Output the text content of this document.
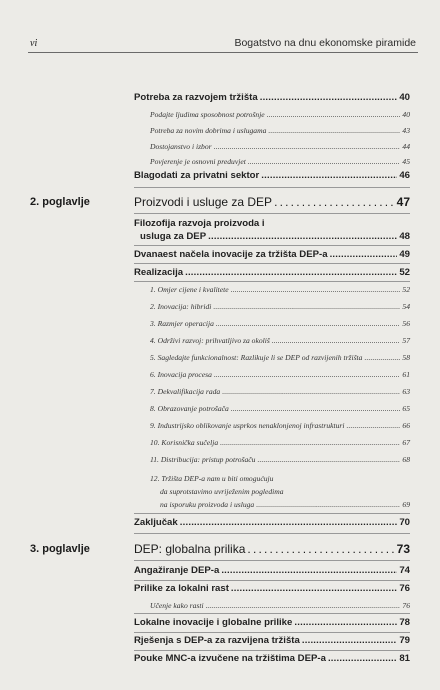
vi	Bogatstvo na dnu ekonomske piramide
Potreba za razvojem tržišta .....	40
Podajte ljudima sposobnost potrošnje .....	40
Potreba za novim dobrima i uslugama .....	43
Dostojanstvo i izbor .....	44
Povjerenje je osnovni preduvjet .....	45
Blagodati za privatni sektor .....	46
2. poglavlje	Proizvodi i usluge za DEP .....	47
Filozofija razvoja proizvoda i
usluga za DEP .....	48
Dvanaest načela inovacije za tržišta DEP-a .....	49
Realizacija .....	52
1. Omjer cijene i kvalitete .....	52
2. Inovacija: hibridi .....	54
3. Razmjer operacija .....	56
4. Održivi razvoj: prihvatljivo za okoliš .....	57
5. Sagledajte funkcionalnost: Razlikuje li se DEP od razvijenih tržišta .....	58
6. Inovacija procesa .....	61
7. Dekvalifikacija rada .....	63
8. Obrazovanje potrošača .....	65
9. Industrijsko oblikovanje usprkos nenaklonjenoj infrastrukturi .....	66
10. Korisnička sučelja .....	67
11. Distribucija: pristup potrošaču .....	68
12. Tržišta DEP-a nam u biti omogućuju
da suprotstavimo uvriježenim pogledima
na isporuku proizvoda i usluga .....	69
Zaključak .....	70
3. poglavlje	DEP: globalna prilika .....	73
Angažiranje DEP-a .....	74
Prilike za lokalni rast .....	76
Učenje kako rasti .....	76
Lokalne inovacije i globalne prilike .....	78
Rješenja s DEP-a za razvijena tržišta .....	79
Pouke MNC-a izvučene na tržištima DEP-a .....	81
